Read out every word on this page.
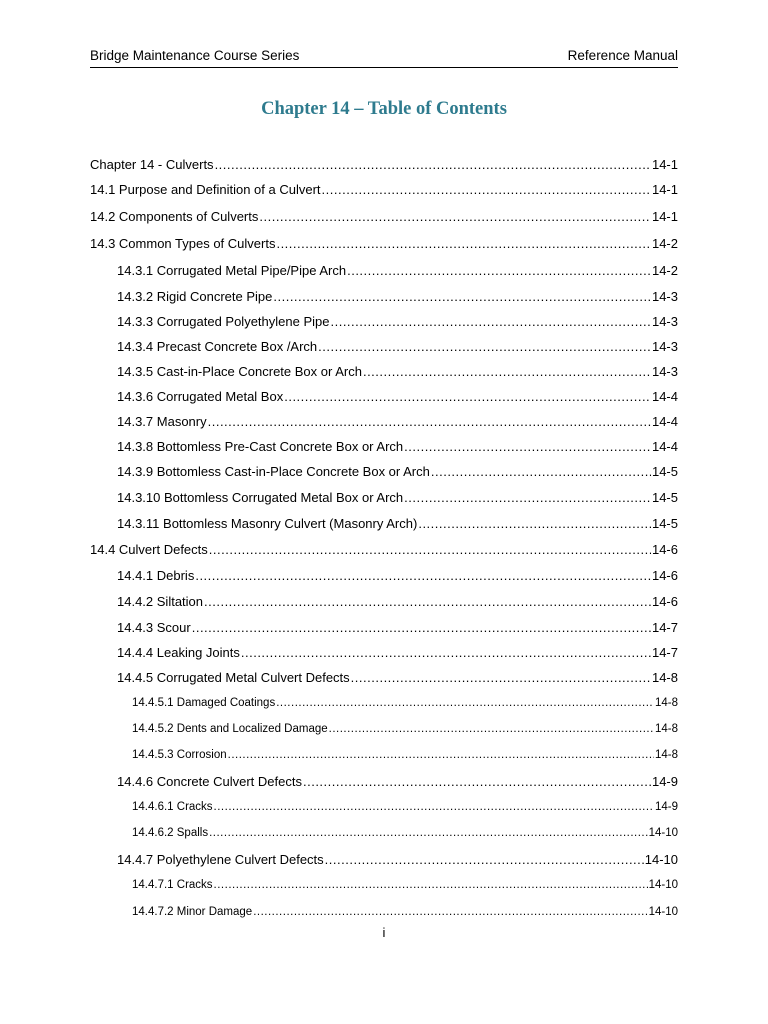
Bridge Maintenance Course Series	Reference Manual
Chapter 14 – Table of Contents
Chapter 14 - Culverts .....	14-1
14.1 Purpose and Definition of a Culvert .....	14-1
14.2 Components of Culverts .....	14-1
14.3 Common Types of Culverts .....	14-2
14.3.1 Corrugated Metal Pipe/Pipe Arch .....	14-2
14.3.2 Rigid Concrete Pipe .....	14-3
14.3.3 Corrugated Polyethylene Pipe .....	14-3
14.3.4 Precast Concrete Box /Arch .....	14-3
14.3.5 Cast-in-Place Concrete Box or Arch .....	14-3
14.3.6 Corrugated Metal Box .....	14-4
14.3.7 Masonry .....	14-4
14.3.8 Bottomless Pre-Cast Concrete Box or Arch .....	14-4
14.3.9 Bottomless Cast-in-Place Concrete Box or Arch .....	14-5
14.3.10 Bottomless Corrugated Metal Box or Arch .....	14-5
14.3.11 Bottomless Masonry Culvert (Masonry Arch) .....	14-5
14.4 Culvert Defects .....	14-6
14.4.1 Debris .....	14-6
14.4.2 Siltation .....	14-6
14.4.3 Scour .....	14-7
14.4.4 Leaking Joints .....	14-7
14.4.5 Corrugated Metal Culvert Defects .....	14-8
14.4.5.1 Damaged Coatings .....	14-8
14.4.5.2 Dents and Localized Damage .....	14-8
14.4.5.3 Corrosion .....	14-8
14.4.6 Concrete Culvert Defects .....	14-9
14.4.6.1 Cracks .....	14-9
14.4.6.2 Spalls .....	14-10
14.4.7 Polyethylene Culvert Defects .....	14-10
14.4.7.1 Cracks .....	14-10
14.4.7.2 Minor Damage .....	14-10
i
